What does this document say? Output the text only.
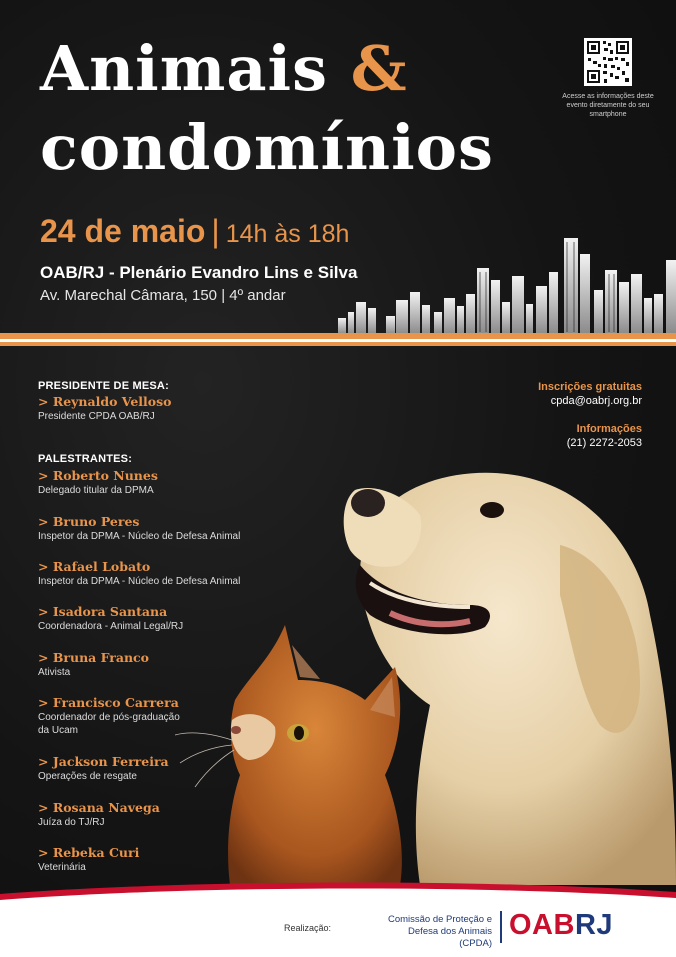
Animais &
condomínios
24 de maio | 14h às 18h
OAB/RJ - Plenário Evandro Lins e Silva
Av. Marechal Câmara, 150 | 4º andar
Acesse as informações deste evento diretamente do seu smartphone
PRESIDENTE DE MESA:
> Reynaldo Velloso
Presidente CPDA OAB/RJ
PALESTRANTES:
> Roberto Nunes
Delegado titular da DPMA
> Bruno Peres
Inspetor da DPMA - Núcleo de Defesa Animal
> Rafael Lobato
Inspetor da DPMA - Núcleo de Defesa Animal
> Isadora Santana
Coordenadora - Animal Legal/RJ
> Bruna Franco
Ativista
> Francisco Carrera
Coordenador de pós-graduação da Ucam
> Jackson Ferreira
Operações de resgate
> Rosana Navega
Juíza do TJ/RJ
> Rebeka Curi
Veterinária
Inscrições gratuitas
cpda@oabrj.org.br
Informações
(21) 2272-2053
Realização:
Comissão de Proteção e
Defesa dos Animais (CPDA)
OABRJ
